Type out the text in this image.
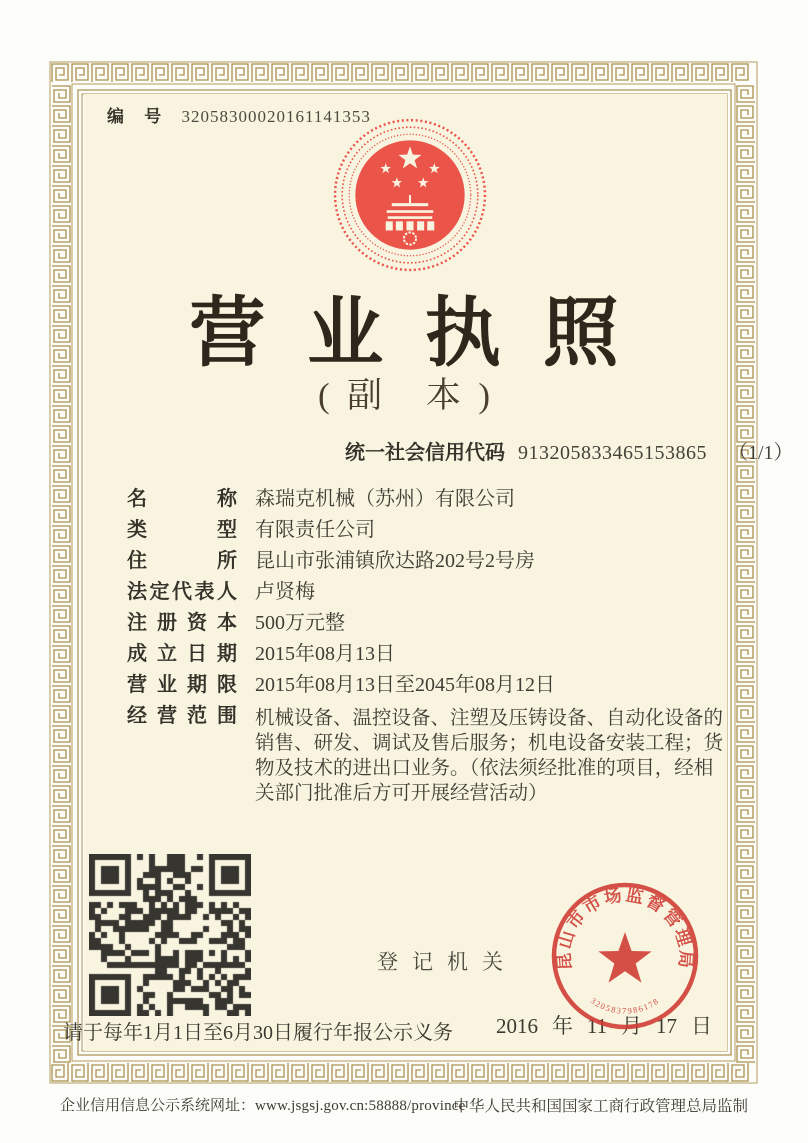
编 号 32058300020161141353
营业执照
(副 本)
统一社会信用代码 913205833465153865 （1/1）
名称 森瑞克机械（苏州）有限公司
类型 有限责任公司
住所 昆山市张浦镇欣达路202号2号房
法定代表人 卢贤梅
注册资本 500万元整
成立日期 2015年08月13日
营业期限 2015年08月13日至2045年08月12日
经营范围 机械设备、温控设备、注塑及压铸设备、自动化设备的销售、研发、调试及售后服务；机电设备安装工程；货物及技术的进出口业务。（依法须经批准的项目，经相关部门批准后方可开展经营活动）
登记机关
请于每年1月1日至6月30日履行年报公示义务 2016 年 11 月 17 日
昆山市市场监督管理局
3205837986178
企业信用信息公示系统网址：www.jsgsj.gov.cn:58888/province
中华人民共和国国家工商行政管理总局监制
